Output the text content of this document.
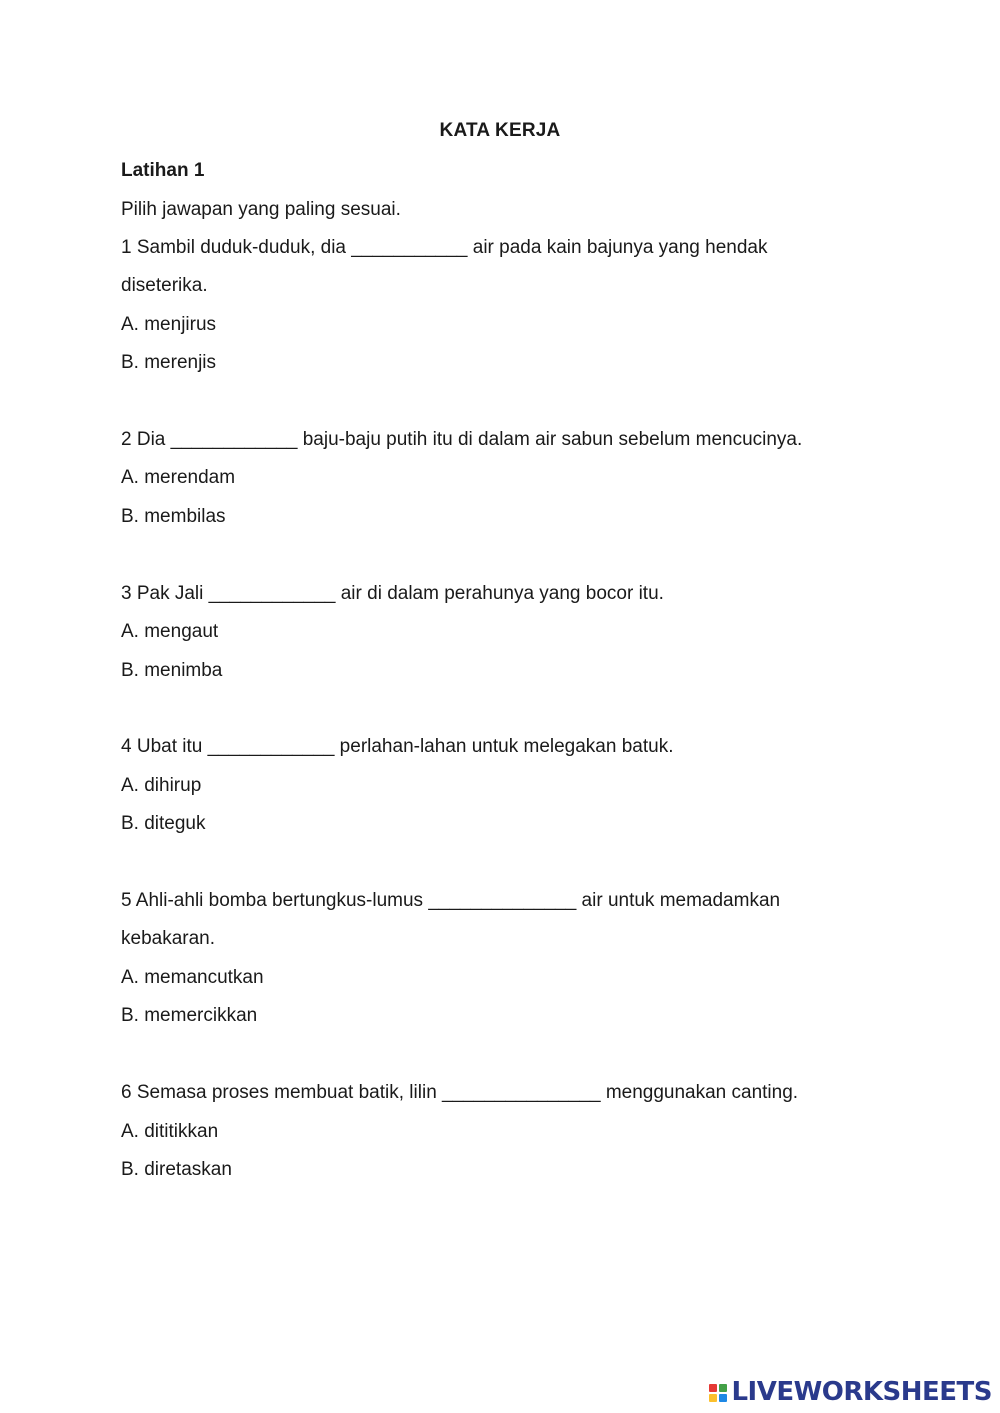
KATA KERJA
Latihan 1
Pilih jawapan yang paling sesuai.
1 Sambil duduk-duduk, dia ___________ air pada kain bajunya yang hendak
diseterika.
A. menjirus
B. merenjis
2 Dia ____________ baju-baju putih itu di dalam air sabun sebelum mencucinya.
A. merendam
B. membilas
3 Pak Jali ____________ air di dalam perahunya yang bocor itu.
A. mengaut
B. menimba
4 Ubat itu ____________ perlahan-lahan untuk melegakan batuk.
A. dihirup
B. diteguk
5 Ahli-ahli bomba bertungkus-lumus ______________ air untuk memadamkan
kebakaran.
A. memancutkan
B. memercikkan
6 Semasa proses membuat batik, lilin _______________ menggunakan canting.
A. dititikkan
B. diretaskan
LIVEWORKSHEETS
